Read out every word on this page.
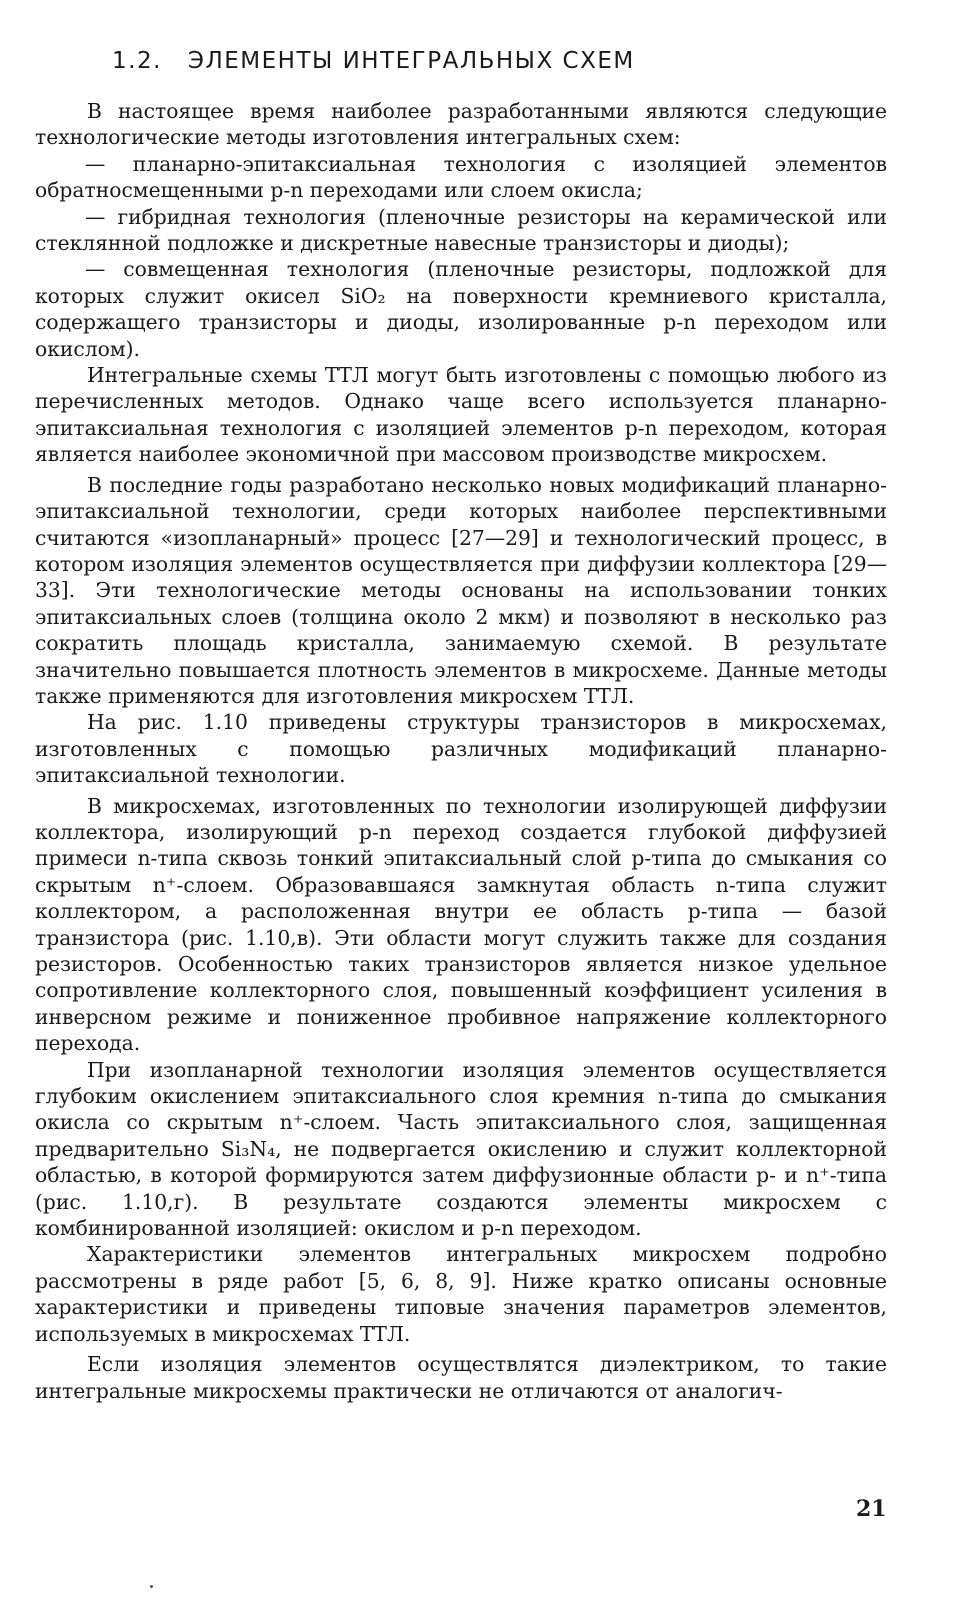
1.2. ЭЛЕМЕНТЫ ИНТЕГРАЛЬНЫХ СХЕМ

В настоящее время наиболее разработанными являются следующие технологические методы изготовления интегральных схем:

— планарно-эпитаксиальная технология с изоляцией элементов обратносмещенными p-n переходами или слоем окисла;

— гибридная технология (пленочные резисторы на керамической или стеклянной подложке и дискретные навесные транзисторы и диоды);

— совмещенная технология (пленочные резисторы, подложкой для которых служит окисел SiO₂ на поверхности кремниевого кристалла, содержащего транзисторы и диоды, изолированные p-n переходом или окислом).

Интегральные схемы ТТЛ могут быть изготовлены с помощью любого из перечисленных методов. Однако чаще всего используется планарно-эпитаксиальная технология с изоляцией элементов p-n переходом, которая является наиболее экономичной при массовом производстве микросхем.

В последние годы разработано несколько новых модификаций планарно-эпитаксиальной технологии, среди которых наиболее перспективными считаются «изопланарный» процесс [27—29] и технологический процесс, в котором изоляция элементов осуществляется при диффузии коллектора [29—33]. Эти технологические методы основаны на использовании тонких эпитаксиальных слоев (толщина около 2 мкм) и позволяют в несколько раз сократить площадь кристалла, занимаемую схемой. В результате значительно повышается плотность элементов в микросхеме. Данные методы также применяются для изготовления микросхем ТТЛ.

На рис. 1.10 приведены структуры транзисторов в микросхемах, изготовленных с помощью различных модификаций планарно-эпитаксиальной технологии.

В микросхемах, изготовленных по технологии изолирующей диффузии коллектора, изолирующий p-n переход создается глубокой диффузией примеси n-типа сквозь тонкий эпитаксиальный слой p-типа до смыкания со скрытым n⁺-слоем. Образовавшаяся замкнутая область n-типа служит коллектором, а расположенная внутри ее область p-типа — базой транзистора (рис. 1.10,в). Эти области могут служить также для создания резисторов. Особенностью таких транзисторов является низкое удельное сопротивление коллекторного слоя, повышенный коэффициент усиления в инверсном режиме и пониженное пробивное напряжение коллекторного перехода.

При изопланарной технологии изоляция элементов осуществляется глубоким окислением эпитаксиального слоя кремния n-типа до смыкания окисла со скрытым n⁺-слоем. Часть эпитаксиального слоя, защищенная предварительно Si₃N₄, не подвергается окислению и служит коллекторной областью, в которой формируются затем диффузионные области p- и n⁺-типа (рис. 1.10,г). В результате создаются элементы микросхем с комбинированной изоляцией: окислом и p-n переходом.

Характеристики элементов интегральных микросхем подробно рассмотрены в ряде работ [5, 6, 8, 9]. Ниже кратко описаны основные характеристики и приведены типовые значения параметров элементов, используемых в микросхемах ТТЛ.

Если изоляция элементов осуществлятся диэлектриком, то такие интегральные микросхемы практически не отличаются от аналогич-

21
